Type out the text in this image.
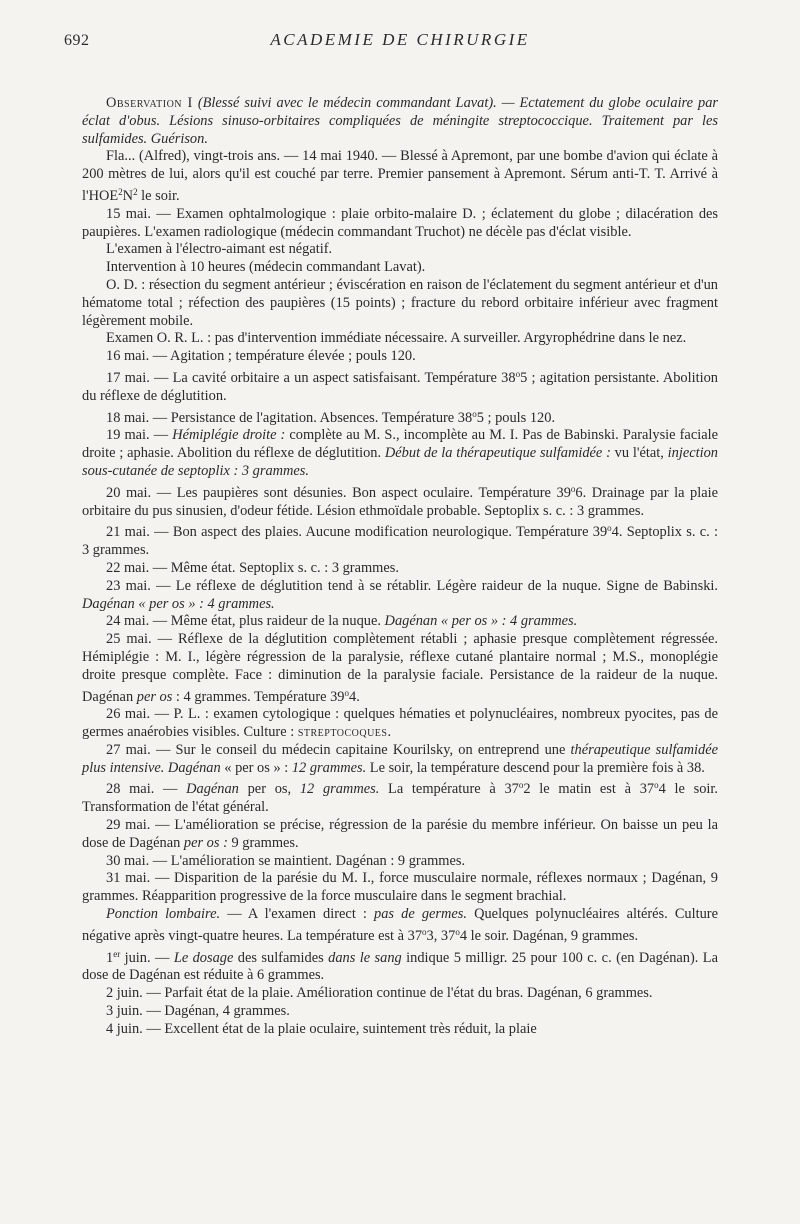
692	ACADEMIE DE CHIRURGIE

Observation I (Blessé suivi avec le médecin commandant Lavat). — Ectatement du globe oculaire par éclat d'obus. Lésions sinuso-orbitaires compliquées de méningite streptococcique. Traitement par les sulfamides. Guérison.

Fla... (Alfred), vingt-trois ans. — 14 mai 1940. — Blessé à Apremont, par une bombe d'avion qui éclate à 200 mètres de lui, alors qu'il est couché par terre. Premier pansement à Apremont. Sérum anti-T. T. Arrivé à $l'HOE^2N^2$ le soir.

15 mai. — Examen ophtalmologique : plaie orbito-malaire D. ; éclatement du globe ; dilacération des paupières. L'examen radiologique (médecin commandant Truchot) ne décèle pas d'éclat visible.

L'examen à l'électro-aimant est négatif.

Intervention à 10 heures (médecin commandant Lavat).

O. D. : résection du segment antérieur ; éviscération en raison de l'éclatement du segment antérieur et d'un hématome total ; réfection des paupières (15 points) ; fracture du rebord orbitaire inférieur avec fragment légèrement mobile.

Examen O. R. L. : pas d'intervention immédiate nécessaire. A surveiller. Argyrophédrine dans le nez.

16 mai. — Agitation ; température élevée ; pouls 120.

17 mai. — La cavité orbitaire a un aspect satisfaisant. Température 38$^o$5 ; agitation persistante. Abolition du réflexe de déglutition.

18 mai. — Persistance de l'agitation. Absences. Température 38$^o$5 ; pouls 120.

19 mai. — Hémiplégie droite : complète au M. S., incomplète au M. I. Pas de Babinski. Paralysie faciale droite ; aphasie. Abolition du réflexe de déglutition. Début de la thérapeutique sulfamidée : vu l'état, injection sous-cutanée de septoplix : 3 grammes.

20 mai. — Les paupières sont désunies. Bon aspect oculaire. Température 39$^o$6. Drainage par la plaie orbitaire du pus sinusien, d'odeur fétide. Lésion ethmoïdale probable. Septoplix s. c. : 3 grammes.

21 mai. — Bon aspect des plaies. Aucune modification neurologique. Température 39$^o$4. Septoplix s. c. : 3 grammes.

22 mai. — Même état. Septoplix s. c. : 3 grammes.

23 mai. — Le réflexe de déglutition tend à se rétablir. Légère raideur de la nuque. Signe de Babinski. Dagénan « per os » : 4 grammes.

24 mai. — Même état, plus raideur de la nuque. Dagénan « per os » : 4 grammes.

25 mai. — Réflexe de la déglutition complètement rétabli ; aphasie presque complètement régressée. Hémiplégie : M. I., légère régression de la paralysie, réflexe cutané plantaire normal ; M.S., monoplégie droite presque complète. Face : diminution de la paralysie faciale. Persistance de la raideur de la nuque. Dagénan per os : 4 grammes. Température 39$^o$4.

26 mai. — P. L. : examen cytologique : quelques hématies et polynucléaires, nombreux pyocites, pas de germes anaérobies visibles. Culture : streptocoques.

27 mai. — Sur le conseil du médecin capitaine Kourilsky, on entreprend une thérapeutique sulfamidée plus intensive. Dagénan « per os » : 12 grammes. Le soir, la température descend pour la première fois à 38.

28 mai. — Dagénan per os, 12 grammes. La température à 37$^o$2 le matin est à 37$^o$4 le soir. Transformation de l'état général.

29 mai. — L'amélioration se précise, régression de la parésie du membre inférieur. On baisse un peu la dose de Dagénan per os : 9 grammes.

30 mai. — L'amélioration se maintient. Dagénan : 9 grammes.

31 mai. — Disparition de la parésie du M. I., force musculaire normale, réflexes normaux ; Dagénan, 9 grammes. Réapparition progressive de la force musculaire dans le segment brachial.

Ponction lombaire. — A l'examen direct : pas de germes. Quelques polynucléaires altérés. Culture négative après vingt-quatre heures. La température est à 37$^o$3, 37$^o$4 le soir. Dagénan, 9 grammes.

1er juin. — Le dosage des sulfamides dans le sang indique 5 milligr. 25 pour 100 c. c. (en Dagénan). La dose de Dagénan est réduite à 6 grammes.

2 juin. — Parfait état de la plaie. Amélioration continue de l'état du bras. Dagénan, 6 grammes.

3 juin. — Dagénan, 4 grammes.

4 juin. — Excellent état de la plaie oculaire, suintement très réduit, la plaie
